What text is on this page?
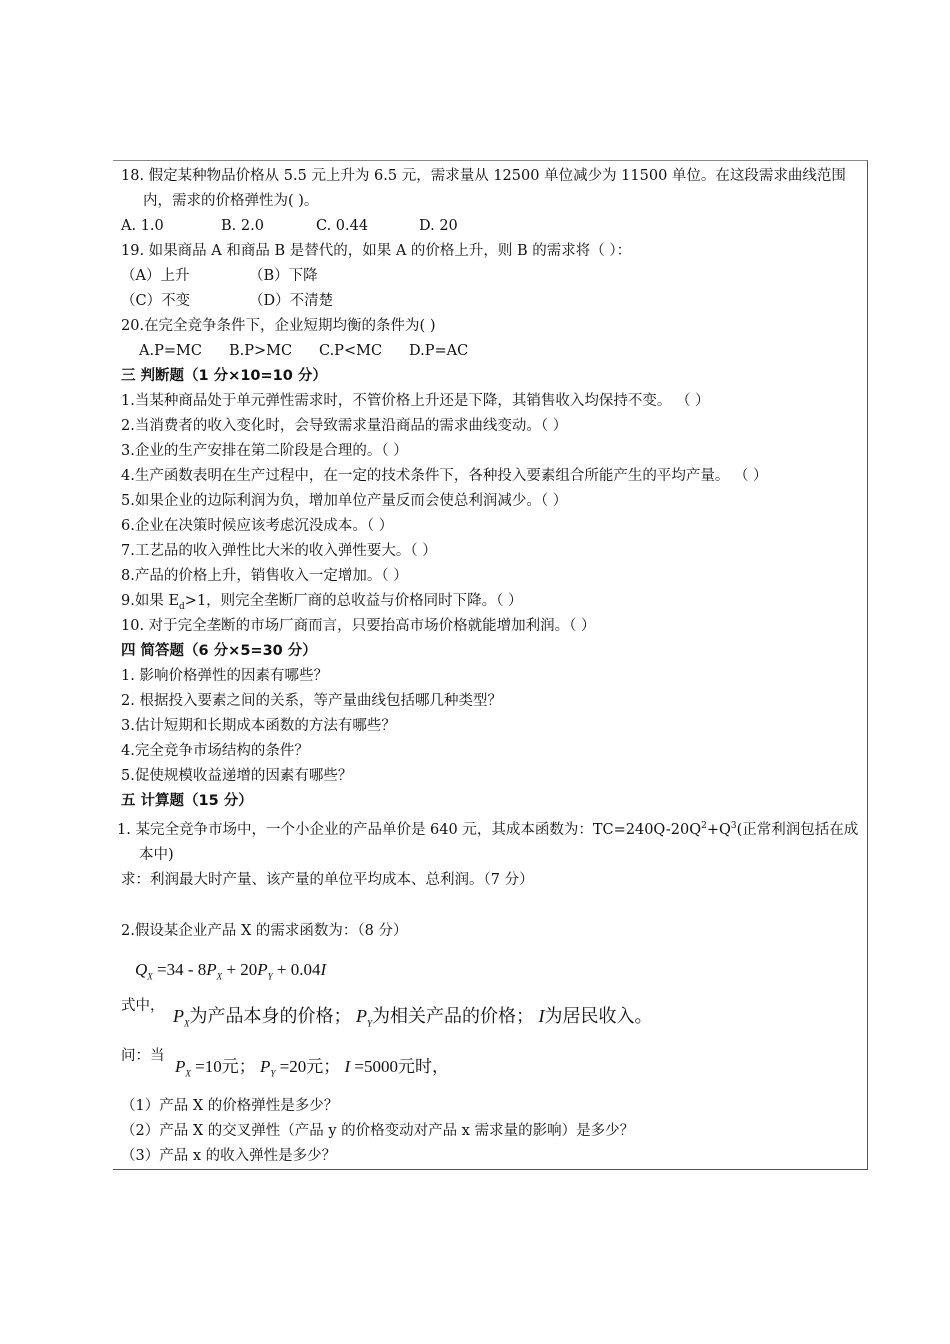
18. 假定某种物品价格从 5.5 元上升为 6.5 元，需求量从 12500 单位减少为 11500 单位。在这段需求曲线范围内，需求的价格弹性为( )。
A. 1.0	B. 2.0	C. 0.44	D. 20
19. 如果商品 A 和商品 B 是替代的，如果 A 的价格上升，则 B 的需求将（ ）：
（A）上升	（B）下降
（C）不变	（D）不清楚
20.在完全竞争条件下，企业短期均衡的条件为( )
A.P=MC B.P>MC C.P<MC D.P=AC
三 判断题（1 分×10=10 分）
1.当某种商品处于单元弹性需求时，不管价格上升还是下降，其销售收入均保持不变。 （ ）
2.当消费者的收入变化时，会导致需求量沿商品的需求曲线变动。（ ）
3.企业的生产安排在第二阶段是合理的。（ ）
4.生产函数表明在生产过程中，在一定的技术条件下，各种投入要素组合所能产生的平均产量。 （ ）
5.如果企业的边际利润为负，增加单位产量反而会使总利润减少。（ ）
6.企业在决策时候应该考虑沉没成本。（ ）
7.工艺品的收入弹性比大米的收入弹性要大。（ ）
8.产品的价格上升，销售收入一定增加。（ ）
9.如果 $E_d>1$，则完全垄断厂商的总收益与价格同时下降。（ ）
10. 对于完全垄断的市场厂商而言，只要抬高市场价格就能增加利润。（ ）
四 简答题（6 分×5=30 分）
1. 影响价格弹性的因素有哪些？
2. 根据投入要素之间的关系，等产量曲线包括哪几种类型？
3.估计短期和长期成本函数的方法有哪些？
4.完全竞争市场结构的条件？
5.促使规模收益递增的因素有哪些？
五 计算题（15 分）
1. 某完全竞争市场中，一个小企业的产品单价是 640 元，其成本函数为：$TC=240Q-20Q^2+Q^3$(正常利润包括在成本中)
求：利润最大时产量、该产量的单位平均成本、总利润。（7 分）
2.假设某企业产品 X 的需求函数为：（8 分）
$Q_X =34 - 8P_X + 20P_Y + 0.04I$
式中， $P_X$为产品本身的价格； $P_Y$为相关产品的价格； I为居民收入。
问：当
$P_X =10$元； $P_Y =20$元； I =5000元时，
（1）产品 X 的价格弹性是多少？
（2）产品 X 的交叉弹性（产品 y 的价格变动对产品 x 需求量的影响）是多少？
（3）产品 x 的收入弹性是多少？
